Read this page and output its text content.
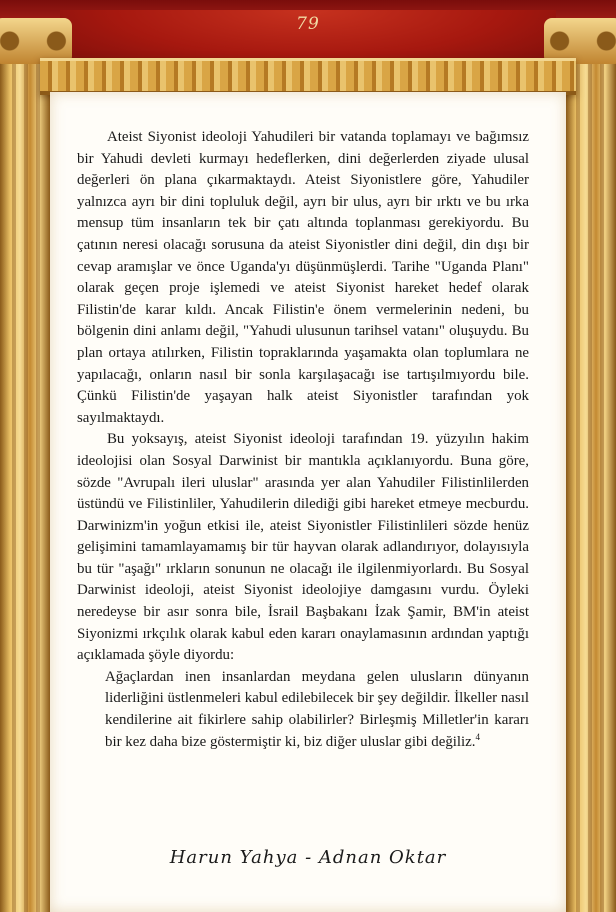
79

Ateist Siyonist ideoloji Yahudileri bir vatanda toplamayı ve bağımsız bir Yahudi devleti kurmayı hedeflerken, dini değerlerden ziyade ulusal değerleri ön plana çıkarmaktaydı. Ateist Siyonistlere göre, Yahudiler yalnızca ayrı bir dini topluluk değil, ayrı bir ulus, ayrı bir ırktı ve bu ırka mensup tüm insanların tek bir çatı altında toplanması gerekiyordu. Bu çatının neresi olacağı sorusuna da ateist Siyonistler dini değil, din dışı bir cevap aramışlar ve önce Uganda'yı düşünmüşlerdi. Tarihe "Uganda Planı" olarak geçen proje işlemedi ve ateist Siyonist hareket hedef olarak Filistin'de karar kıldı. Ancak Filistin'e önem vermelerinin nedeni, bu bölgenin dini anlamı değil, "Yahudi ulusunun tarihsel vatanı" oluşuydu. Bu plan ortaya atılırken, Filistin topraklarında yaşamakta olan toplumlara ne yapılacağı, onların nasıl bir sonla karşılaşacağı ise tartışılmıyordu bile. Çünkü Filistin'de yaşayan halk ateist Siyonistler tarafından yok sayılmaktaydı.

Bu yoksayış, ateist Siyonist ideoloji tarafından 19. yüzyılın hakim ideolojisi olan Sosyal Darwinist bir mantıkla açıklanıyordu. Buna göre, sözde "Avrupalı ileri uluslar" arasında yer alan Yahudiler Filistinlilerden üstündü ve Filistinliler, Yahudilerin dilediği gibi hareket etmeye mecburdu. Darwinizm'in yoğun etkisi ile, ateist Siyonistler Filistinlileri sözde henüz gelişimini tamamlayamamış bir tür hayvan olarak adlandırıyor, dolayısıyla bu tür "aşağı" ırkların sonunun ne olacağı ile ilgilenmiyorlardı. Bu Sosyal Darwinist ideoloji, ateist Siyonist ideolojiye damgasını vurdu. Öyleki neredeyse bir asır sonra bile, İsrail Başbakanı İzak Şamir, BM'in ateist Siyonizmi ırkçılık olarak kabul eden kararı onaylamasının ardından yaptığı açıklamada şöyle diyordu:

Ağaçlardan inen insanlardan meydana gelen ulusların dünyanın liderliğini üstlenmeleri kabul edilebilecek bir şey değildir. İlkeller nasıl kendilerine ait fikirlere sahip olabilirler? Birleşmiş Milletler'in kararı bir kez daha bize göstermiştir ki, biz diğer uluslar gibi değiliz.$^4$
Harun Yahya - Adnan Oktar
